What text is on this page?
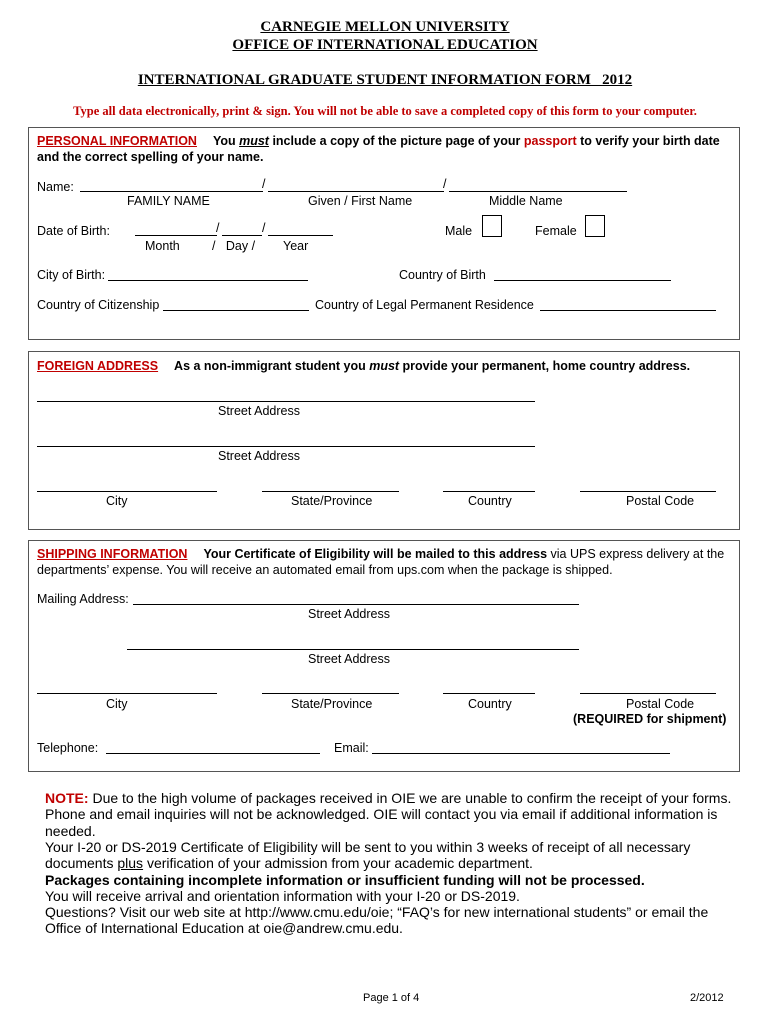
CARNEGIE MELLON UNIVERSITY
OFFICE OF INTERNATIONAL EDUCATION
INTERNATIONAL GRADUATE STUDENT INFORMATION FORM   2012
Type all data electronically, print & sign. You will not be able to save a completed copy of this form to your computer.
PERSONAL INFORMATION You must include a copy of the picture page of your passport to verify your birth date
and the correct spelling of your name.
Name:	/	/
FAMILY NAME	Given / First Name	Middle Name
Date of Birth:	/	/
Month	/   Day / Year
Male	Female
City of Birth:	Country of Birth
Country of Citizenship	Country of Legal Permanent Residence
FOREIGN ADDRESS As a non-immigrant student you must provide your permanent, home country address.
Street Address
Street Address
City	State/Province	Country	Postal Code
SHIPPING INFORMATION Your Certificate of Eligibility will be mailed to this address via UPS express delivery at the
departments’ expense. You will receive an automated email from ups.com when the package is shipped.
Mailing Address:
Street Address
Street Address
City	State/Province	Country	Postal Code
(REQUIRED for shipment)
Telephone:	Email:
NOTE: Due to the high volume of packages received in OIE we are unable to confirm the receipt of your forms. Phone and email inquiries will not be acknowledged. OIE will contact you via email if additional information is needed.
Your I-20 or DS-2019 Certificate of Eligibility will be sent to you within 3 weeks of receipt of all necessary documents plus verification of your admission from your academic department.
Packages containing incomplete information or insufficient funding will not be processed.
You will receive arrival and orientation information with your I-20 or DS-2019.
Questions? Visit our web site at http://www.cmu.edu/oie; “FAQ’s for new international students” or email the Office of International Education at oie@andrew.cmu.edu.
Page 1 of 4	2/2012
